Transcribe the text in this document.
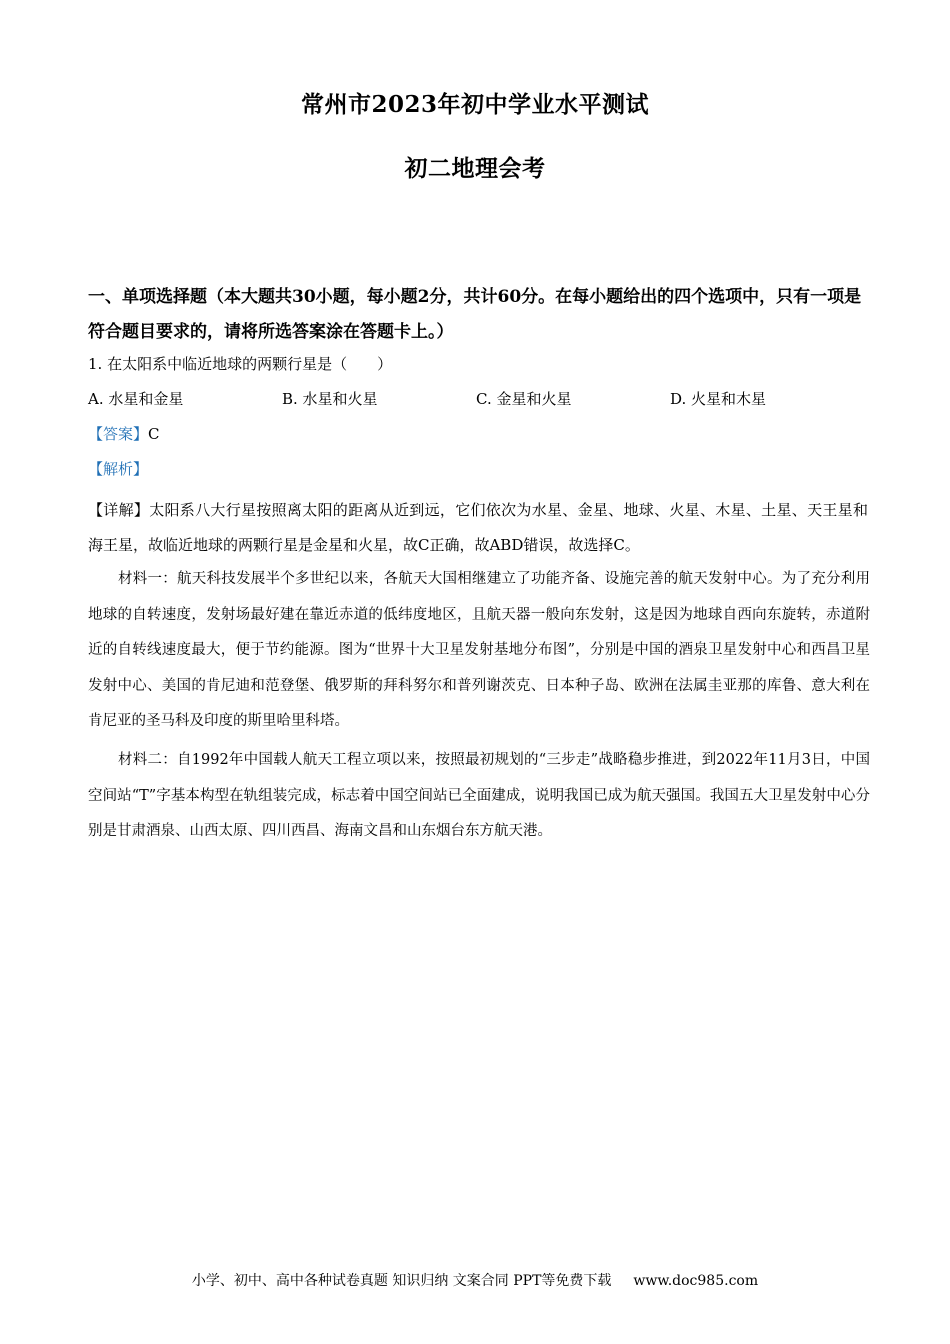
常州市2023年初中学业水平测试
初二地理会考
一、单项选择题（本大题共30小题，每小题2分，共计60分。在每小题给出的四个选项中，只有一项是符合题目要求的，请将所选答案涂在答题卡上。）
1. 在太阳系中临近地球的两颗行星是（　　）
A. 水星和金星	B. 水星和火星	C. 金星和火星	D. 火星和木星
【答案】C
【解析】
【详解】太阳系八大行星按照离太阳的距离从近到远，它们依次为水星、金星、地球、火星、木星、土星、天王星和海王星，故临近地球的两颗行星是金星和火星，故C正确，故ABD错误，故选择C。
材料一：航天科技发展半个多世纪以来，各航天大国相继建立了功能齐备、设施完善的航天发射中心。为了充分利用地球的自转速度，发射场最好建在靠近赤道的低纬度地区，且航天器一般向东发射，这是因为地球自西向东旋转，赤道附近的自转线速度最大，便于节约能源。图为“世界十大卫星发射基地分布图”，分别是中国的酒泉卫星发射中心和西昌卫星发射中心、美国的肯尼迪和范登堡、俄罗斯的拜科努尔和普列谢茨克、日本种子岛、欧洲在法属圭亚那的库鲁、意大利在肯尼亚的圣马科及印度的斯里哈里科塔。
材料二：自1992年中国载人航天工程立项以来，按照最初规划的“三步走”战略稳步推进，到2022年11月3日，中国空间站“T”字基本构型在轨组装完成，标志着中国空间站已全面建成，说明我国已成为航天强国。我国五大卫星发射中心分别是甘肃酒泉、山西太原、四川西昌、海南文昌和山东烟台东方航天港。
小学、初中、高中各种试卷真题 知识归纳 文案合同 PPT等免费下载 www.doc985.com
